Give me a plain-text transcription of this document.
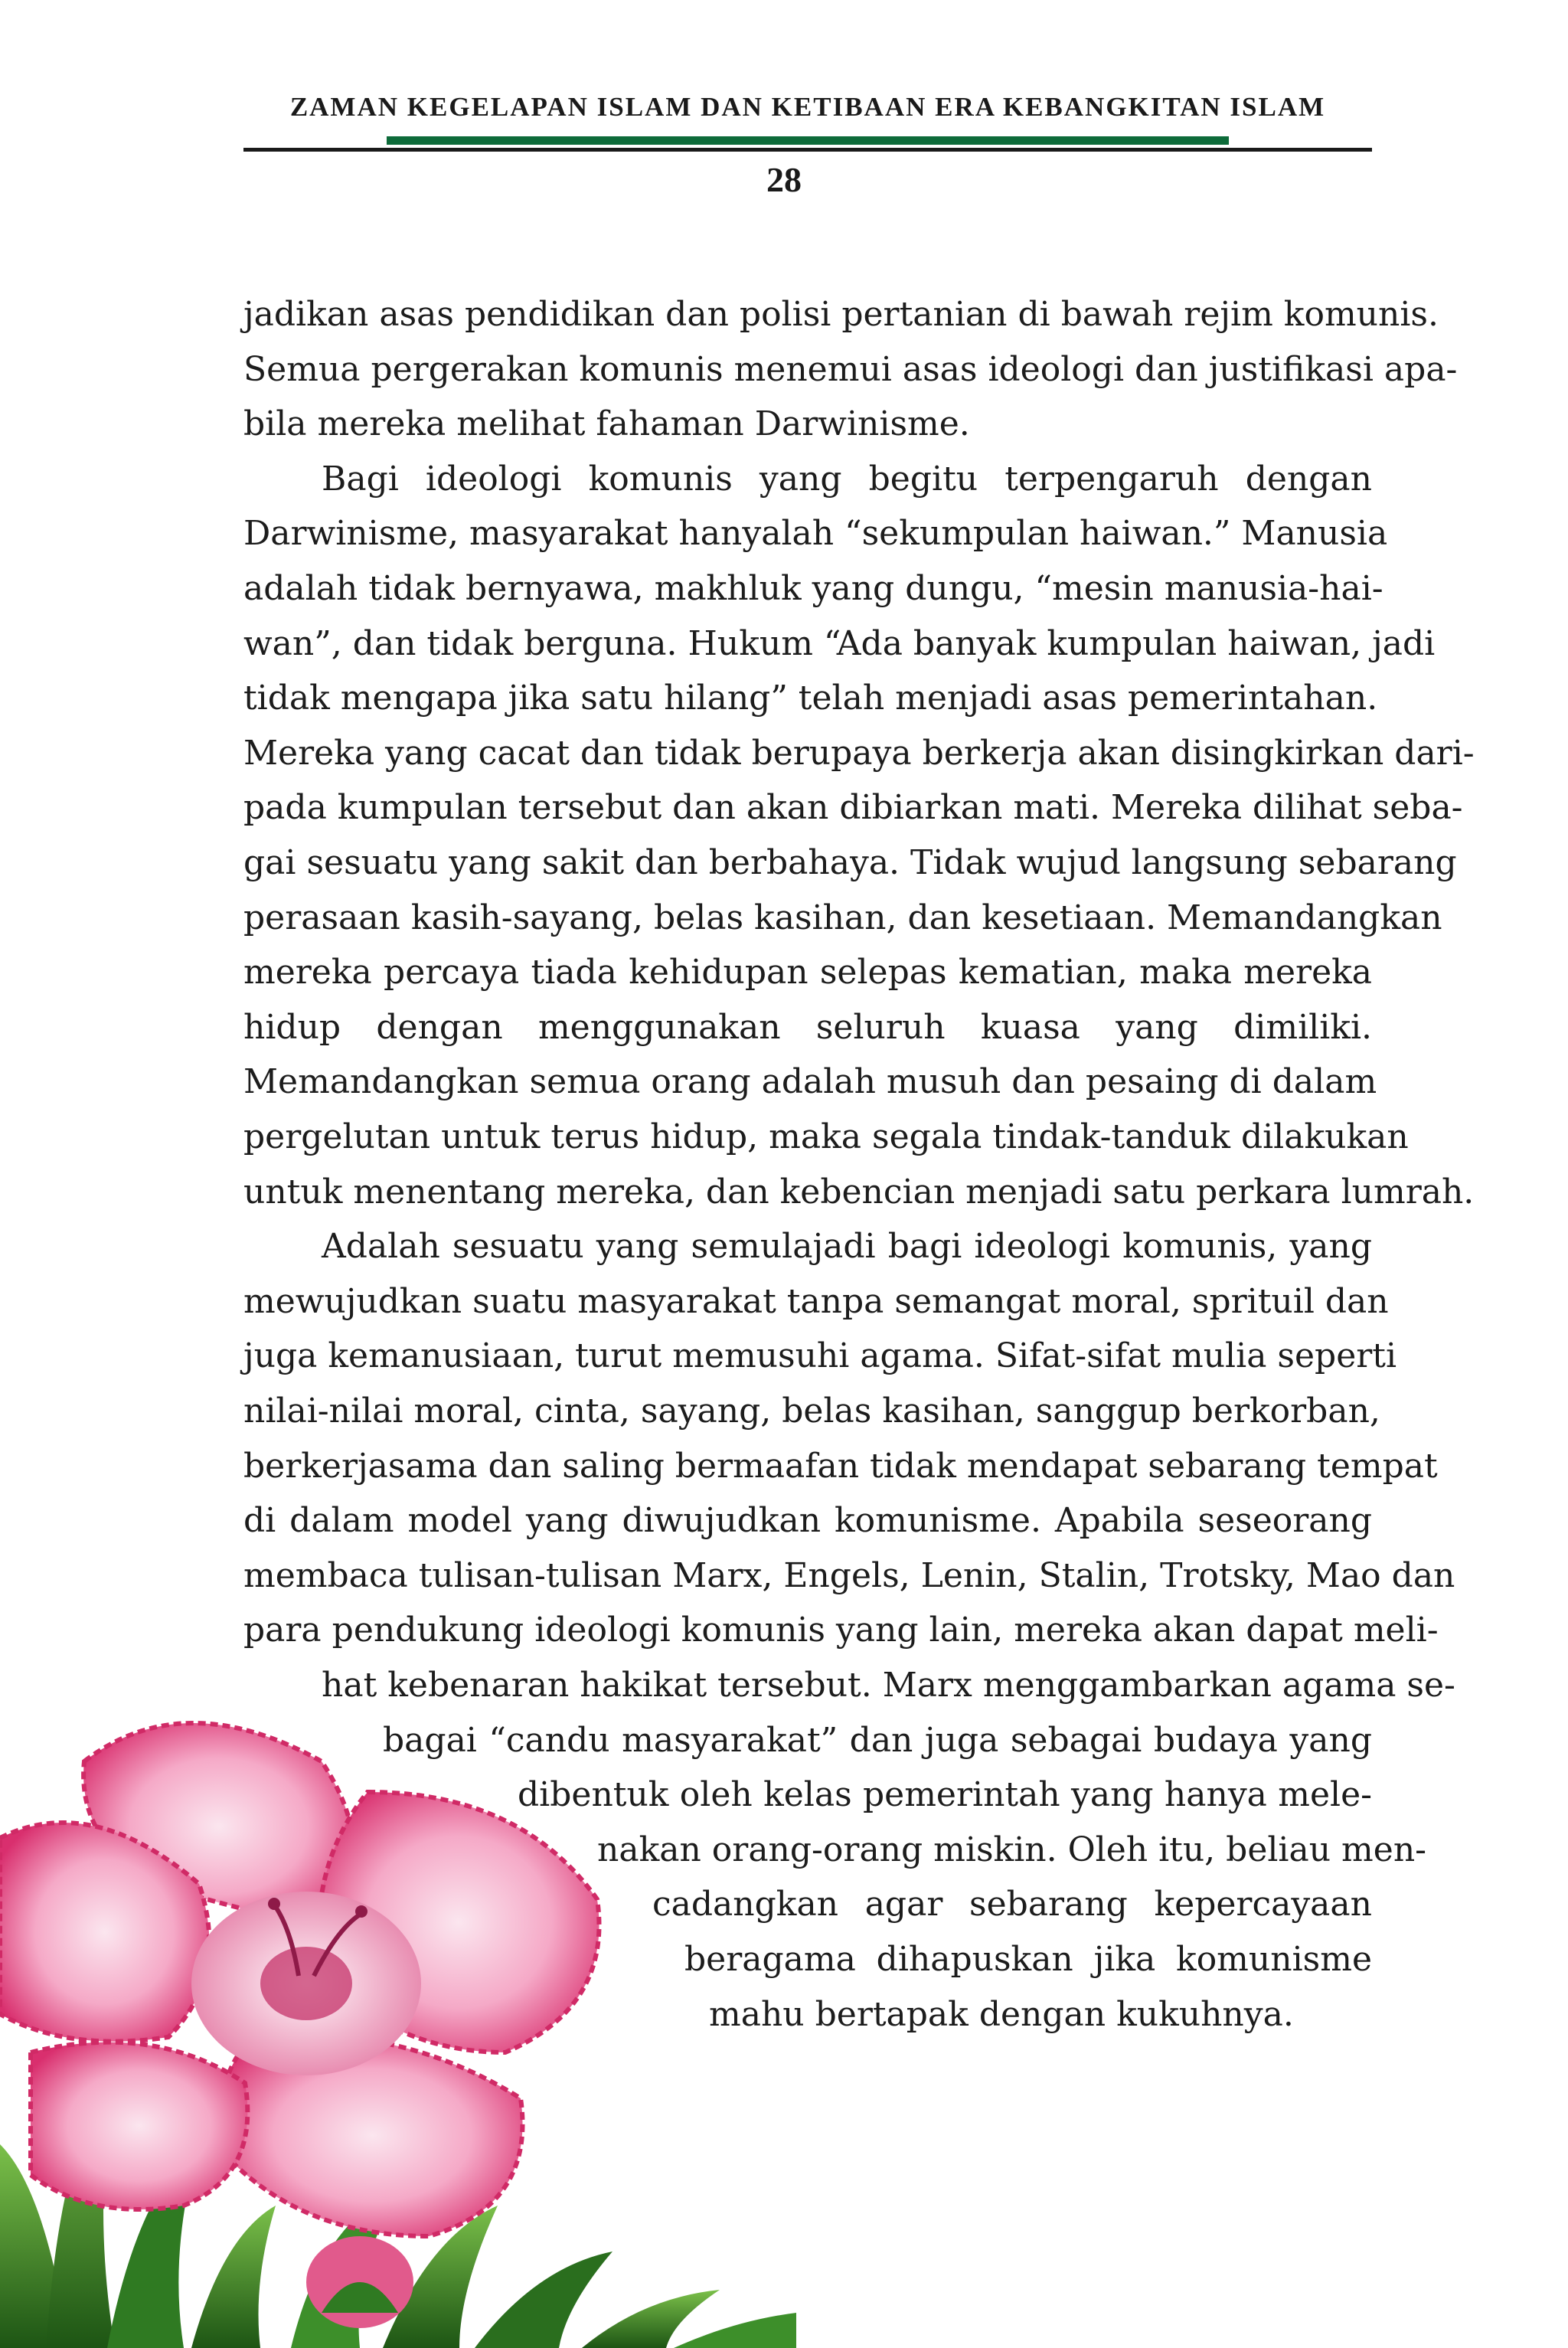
ZAMAN KEGELAPAN ISLAM DAN KETIBAAN ERA KEBANGKITAN ISLAM
28
jadikan asas pendidikan dan polisi pertanian di bawah rejim komunis.
Semua pergerakan komunis menemui asas ideologi dan justifikasi apa-
bila mereka melihat fahaman Darwinisme.
Bagi ideologi komunis yang begitu terpengaruh dengan
Darwinisme, masyarakat hanyalah “sekumpulan haiwan.” Manusia
adalah tidak bernyawa, makhluk yang dungu, “mesin manusia-hai-
wan”, dan tidak berguna. Hukum “Ada banyak kumpulan haiwan, jadi
tidak mengapa jika satu hilang” telah menjadi asas pemerintahan.
Mereka yang cacat dan tidak berupaya berkerja akan disingkirkan dari-
pada kumpulan tersebut dan akan dibiarkan mati. Mereka dilihat seba-
gai sesuatu yang sakit dan berbahaya. Tidak wujud langsung sebarang
perasaan kasih-sayang, belas kasihan, dan kesetiaan. Memandangkan
mereka percaya tiada kehidupan selepas kematian, maka mereka
hidup dengan menggunakan seluruh kuasa yang dimiliki.
Memandangkan semua orang adalah musuh dan pesaing di dalam
pergelutan untuk terus hidup, maka segala tindak-tanduk dilakukan
untuk menentang mereka, dan kebencian menjadi satu perkara lumrah.
Adalah sesuatu yang semulajadi bagi ideologi komunis, yang
mewujudkan suatu masyarakat tanpa semangat moral, sprituil dan
juga kemanusiaan, turut memusuhi agama. Sifat-sifat mulia seperti
nilai-nilai moral, cinta, sayang, belas kasihan, sanggup berkorban,
berkerjasama dan saling bermaafan tidak mendapat sebarang tempat
di dalam model yang diwujudkan komunisme. Apabila seseorang
membaca tulisan-tulisan Marx, Engels, Lenin, Stalin, Trotsky, Mao dan
para pendukung ideologi komunis yang lain, mereka akan dapat meli-
hat kebenaran hakikat tersebut. Marx menggambarkan agama se-
bagai “candu masyarakat” dan juga sebagai budaya yang
dibentuk oleh kelas pemerintah yang hanya mele-
nakan orang-orang miskin. Oleh itu, beliau men-
cadangkan agar sebarang kepercayaan
beragama dihapuskan jika komunisme
mahu bertapak dengan kukuhnya.
